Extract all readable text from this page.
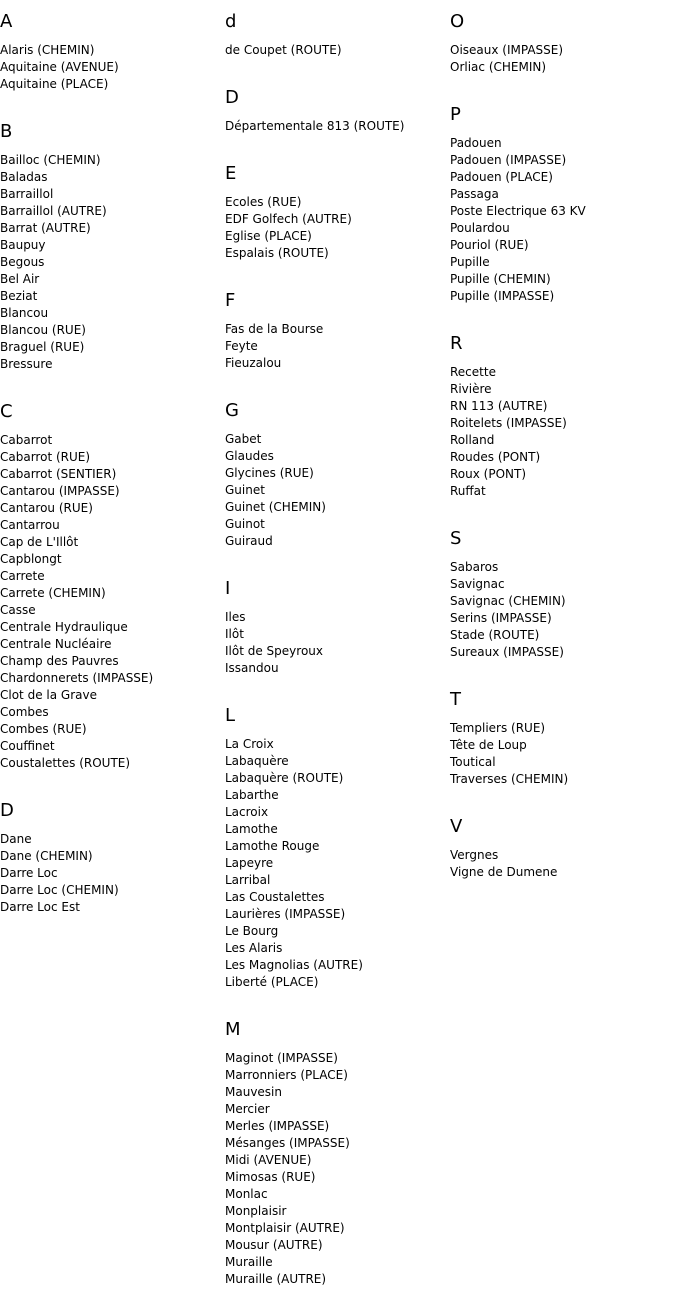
A
Alaris (CHEMIN)
Aquitaine (AVENUE)
Aquitaine (PLACE)
B
Bailloc (CHEMIN)
Baladas
Barraillol
Barraillol (AUTRE)
Barrat (AUTRE)
Baupuy
Begous
Bel Air
Beziat
Blancou
Blancou (RUE)
Braguel (RUE)
Bressure
C
Cabarrot
Cabarrot (RUE)
Cabarrot (SENTIER)
Cantarou (IMPASSE)
Cantarou (RUE)
Cantarrou
Cap de L'Illôt
Capblongt
Carrete
Carrete (CHEMIN)
Casse
Centrale Hydraulique
Centrale Nucléaire
Champ des Pauvres
Chardonnerets (IMPASSE)
Clot de la Grave
Combes
Combes (RUE)
Couffinet
Coustalettes (ROUTE)
D
Dane
Dane (CHEMIN)
Darre Loc
Darre Loc (CHEMIN)
Darre Loc Est
d
de Coupet (ROUTE)
D
Départementale 813 (ROUTE)
E
Ecoles (RUE)
EDF Golfech (AUTRE)
Eglise (PLACE)
Espalais (ROUTE)
F
Fas de la Bourse
Feyte
Fieuzalou
G
Gabet
Glaudes
Glycines (RUE)
Guinet
Guinet (CHEMIN)
Guinot
Guiraud
I
Iles
Ilôt
Ilôt de Speyroux
Issandou
L
La Croix
Labaquère
Labaquère (ROUTE)
Labarthe
Lacroix
Lamothe
Lamothe Rouge
Lapeyre
Larribal
Las Coustalettes
Laurières (IMPASSE)
Le Bourg
Les Alaris
Les Magnolias (AUTRE)
Liberté (PLACE)
M
Maginot (IMPASSE)
Marronniers (PLACE)
Mauvesin
Mercier
Merles (IMPASSE)
Mésanges (IMPASSE)
Midi (AVENUE)
Mimosas (RUE)
Monlac
Monplaisir
Montplaisir (AUTRE)
Mousur (AUTRE)
Muraille
Muraille (AUTRE)
O
Oiseaux (IMPASSE)
Orliac (CHEMIN)
P
Padouen
Padouen (IMPASSE)
Padouen (PLACE)
Passaga
Poste Electrique 63 KV
Poulardou
Pouriol (RUE)
Pupille
Pupille (CHEMIN)
Pupille (IMPASSE)
R
Recette
Rivière
RN 113 (AUTRE)
Roitelets (IMPASSE)
Rolland
Roudes (PONT)
Roux (PONT)
Ruffat
S
Sabaros
Savignac
Savignac (CHEMIN)
Serins (IMPASSE)
Stade (ROUTE)
Sureaux (IMPASSE)
T
Templiers (RUE)
Tête de Loup
Toutical
Traverses (CHEMIN)
V
Vergnes
Vigne de Dumene
